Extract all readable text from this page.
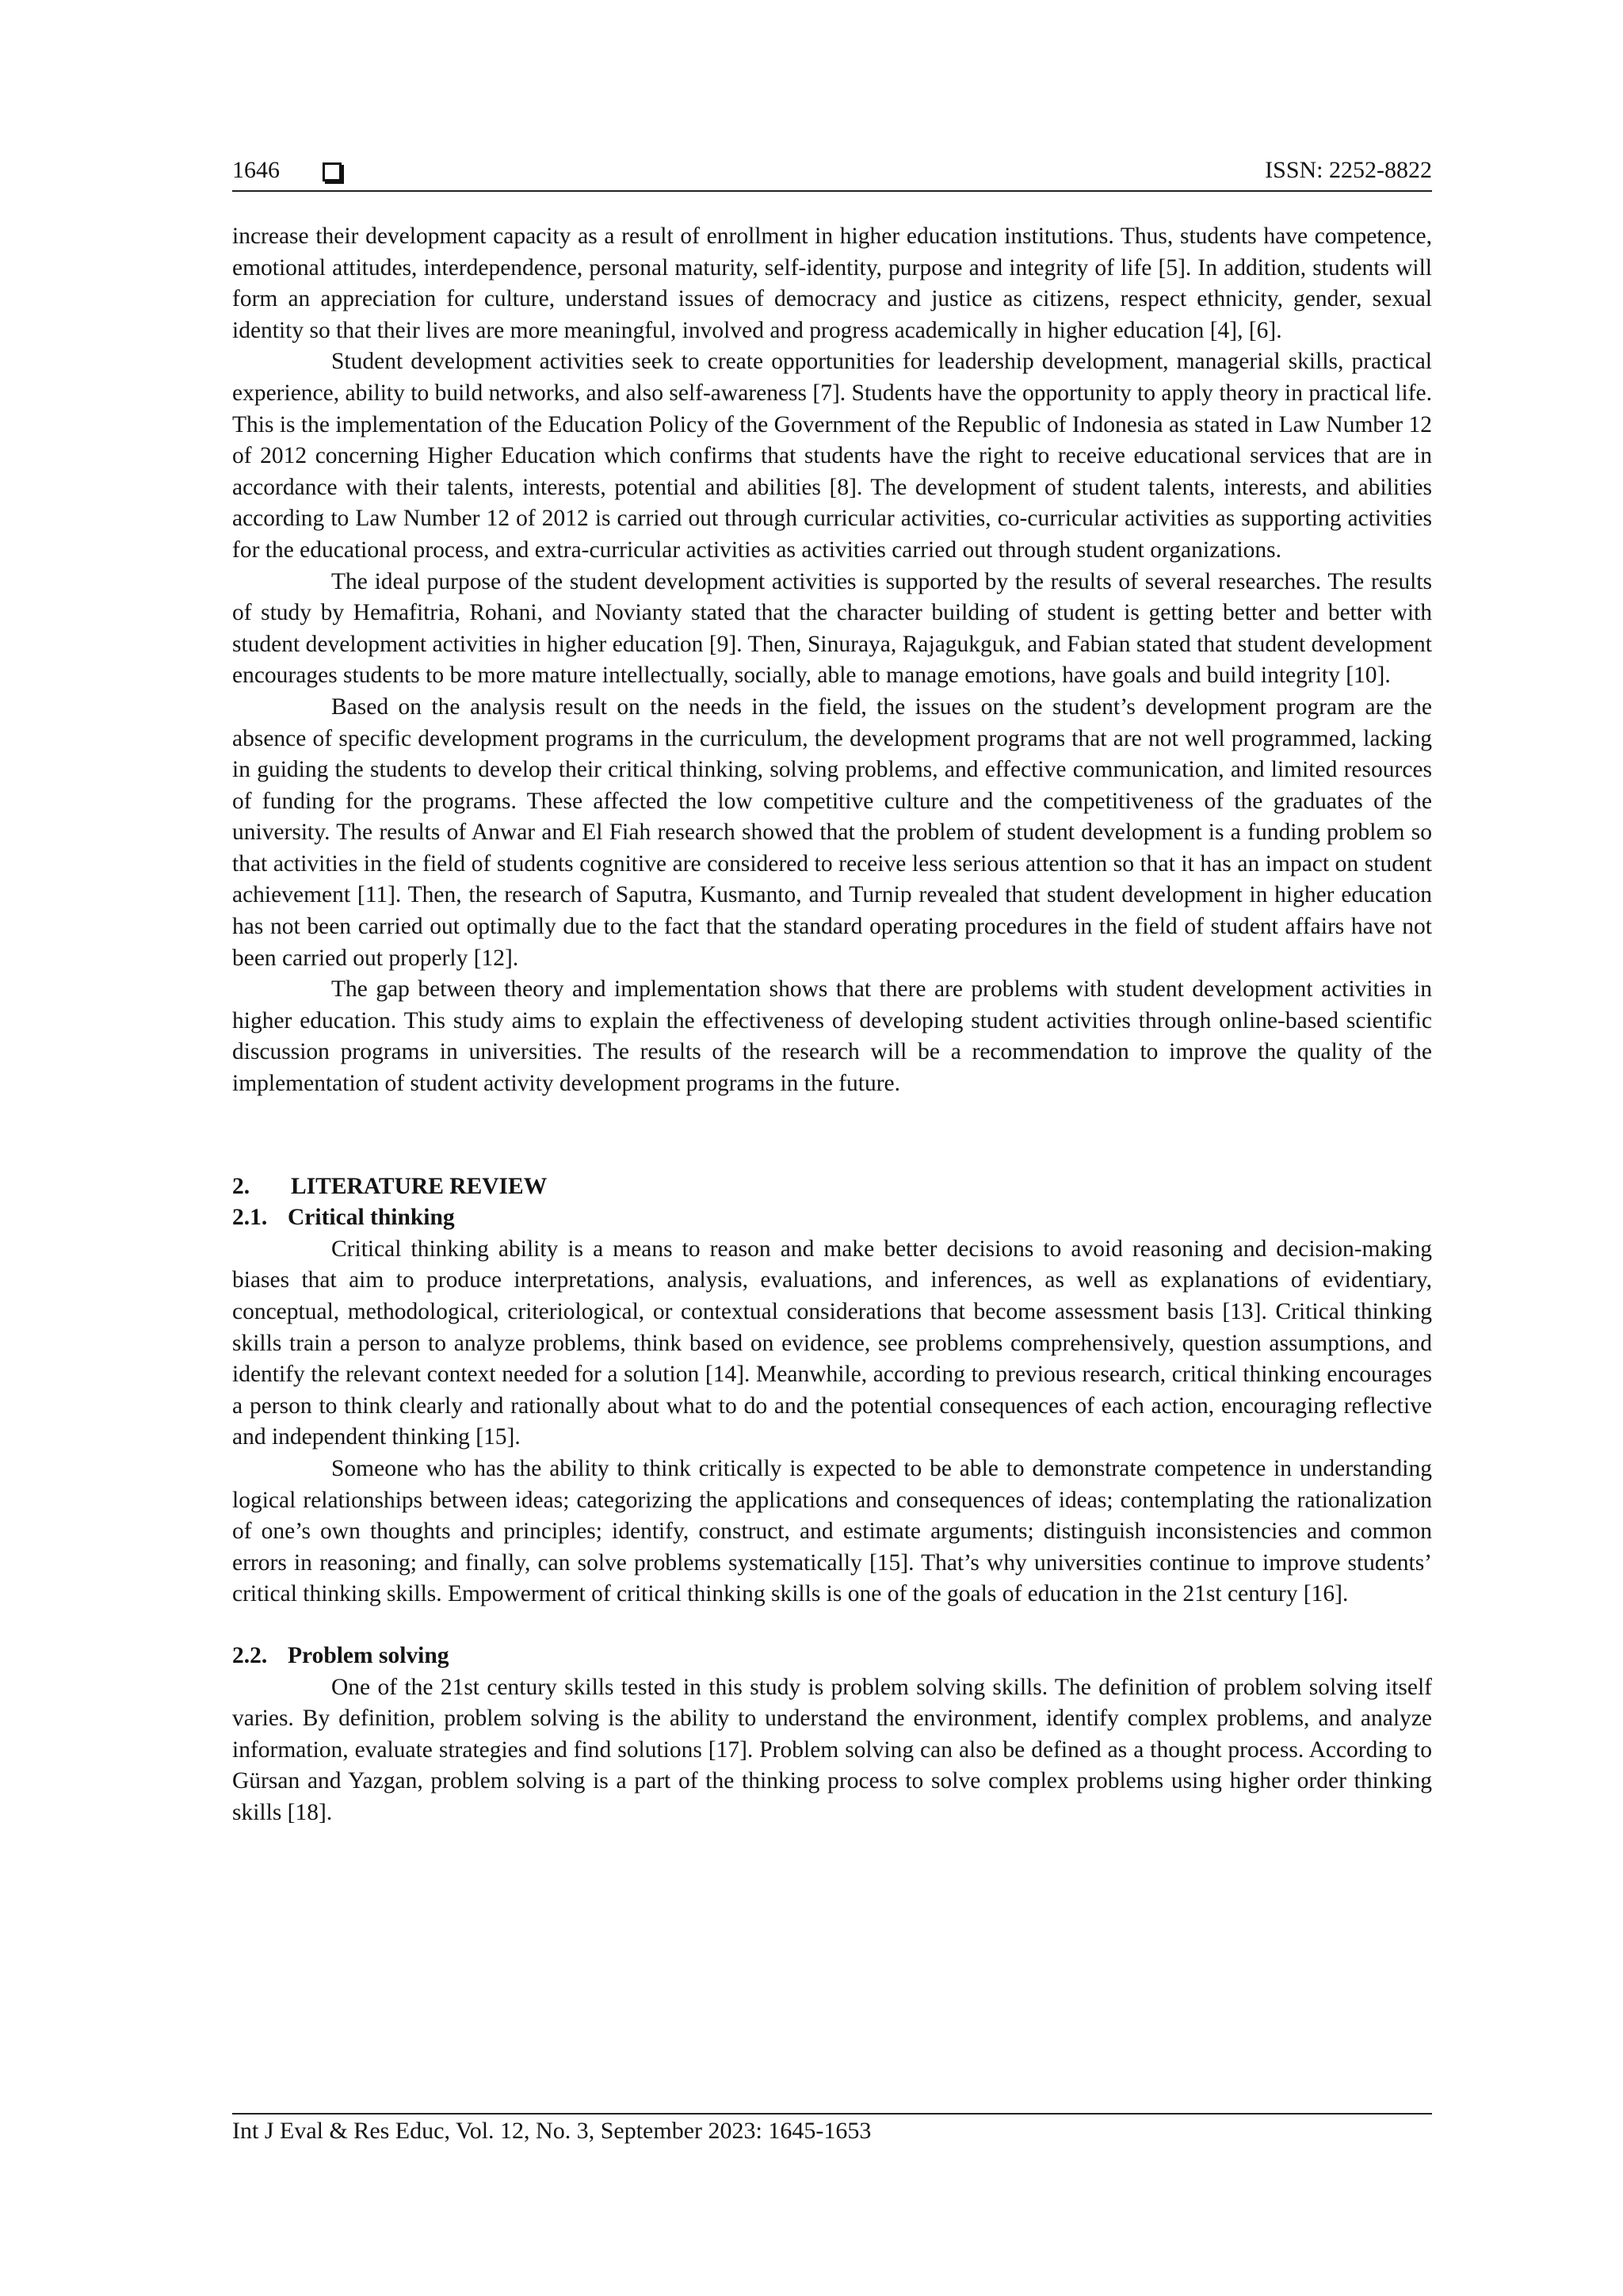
1646	ISSN: 2252-8822

increase their development capacity as a result of enrollment in higher education institutions. Thus, students have competence, emotional attitudes, interdependence, personal maturity, self-identity, purpose and integrity of life [5]. In addition, students will form an appreciation for culture, understand issues of democracy and justice as citizens, respect ethnicity, gender, sexual identity so that their lives are more meaningful, involved and progress academically in higher education [4], [6].

Student development activities seek to create opportunities for leadership development, managerial skills, practical experience, ability to build networks, and also self-awareness [7]. Students have the opportunity to apply theory in practical life. This is the implementation of the Education Policy of the Government of the Republic of Indonesia as stated in Law Number 12 of 2012 concerning Higher Education which confirms that students have the right to receive educational services that are in accordance with their talents, interests, potential and abilities [8]. The development of student talents, interests, and abilities according to Law Number 12 of 2012 is carried out through curricular activities, co-curricular activities as supporting activities for the educational process, and extra-curricular activities as activities carried out through student organizations.

The ideal purpose of the student development activities is supported by the results of several researches. The results of study by Hemafitria, Rohani, and Novianty stated that the character building of student is getting better and better with student development activities in higher education [9]. Then, Sinuraya, Rajagukguk, and Fabian stated that student development encourages students to be more mature intellectually, socially, able to manage emotions, have goals and build integrity [10].

Based on the analysis result on the needs in the field, the issues on the student’s development program are the absence of specific development programs in the curriculum, the development programs that are not well programmed, lacking in guiding the students to develop their critical thinking, solving problems, and effective communication, and limited resources of funding for the programs. These affected the low competitive culture and the competitiveness of the graduates of the university. The results of Anwar and El Fiah research showed that the problem of student development is a funding problem so that activities in the field of students cognitive are considered to receive less serious attention so that it has an impact on student achievement [11]. Then, the research of Saputra, Kusmanto, and Turnip revealed that student development in higher education has not been carried out optimally due to the fact that the standard operating procedures in the field of student affairs have not been carried out properly [12].

The gap between theory and implementation shows that there are problems with student development activities in higher education. This study aims to explain the effectiveness of developing student activities through online-based scientific discussion programs in universities. The results of the research will be a recommendation to improve the quality of the implementation of student activity development programs in the future.

2. LITERATURE REVIEW
2.1. Critical thinking

Critical thinking ability is a means to reason and make better decisions to avoid reasoning and decision-making biases that aim to produce interpretations, analysis, evaluations, and inferences, as well as explanations of evidentiary, conceptual, methodological, criteriological, or contextual considerations that become assessment basis [13]. Critical thinking skills train a person to analyze problems, think based on evidence, see problems comprehensively, question assumptions, and identify the relevant context needed for a solution [14]. Meanwhile, according to previous research, critical thinking encourages a person to think clearly and rationally about what to do and the potential consequences of each action, encouraging reflective and independent thinking [15].

Someone who has the ability to think critically is expected to be able to demonstrate competence in understanding logical relationships between ideas; categorizing the applications and consequences of ideas; contemplating the rationalization of one’s own thoughts and principles; identify, construct, and estimate arguments; distinguish inconsistencies and common errors in reasoning; and finally, can solve problems systematically [15]. That’s why universities continue to improve students’ critical thinking skills. Empowerment of critical thinking skills is one of the goals of education in the 21st century [16].

2.2. Problem solving

One of the 21st century skills tested in this study is problem solving skills. The definition of problem solving itself varies. By definition, problem solving is the ability to understand the environment, identify complex problems, and analyze information, evaluate strategies and find solutions [17]. Problem solving can also be defined as a thought process. According to Gürsan and Yazgan, problem solving is a part of the thinking process to solve complex problems using higher order thinking skills [18].

Int J Eval & Res Educ, Vol. 12, No. 3, September 2023: 1645-1653
